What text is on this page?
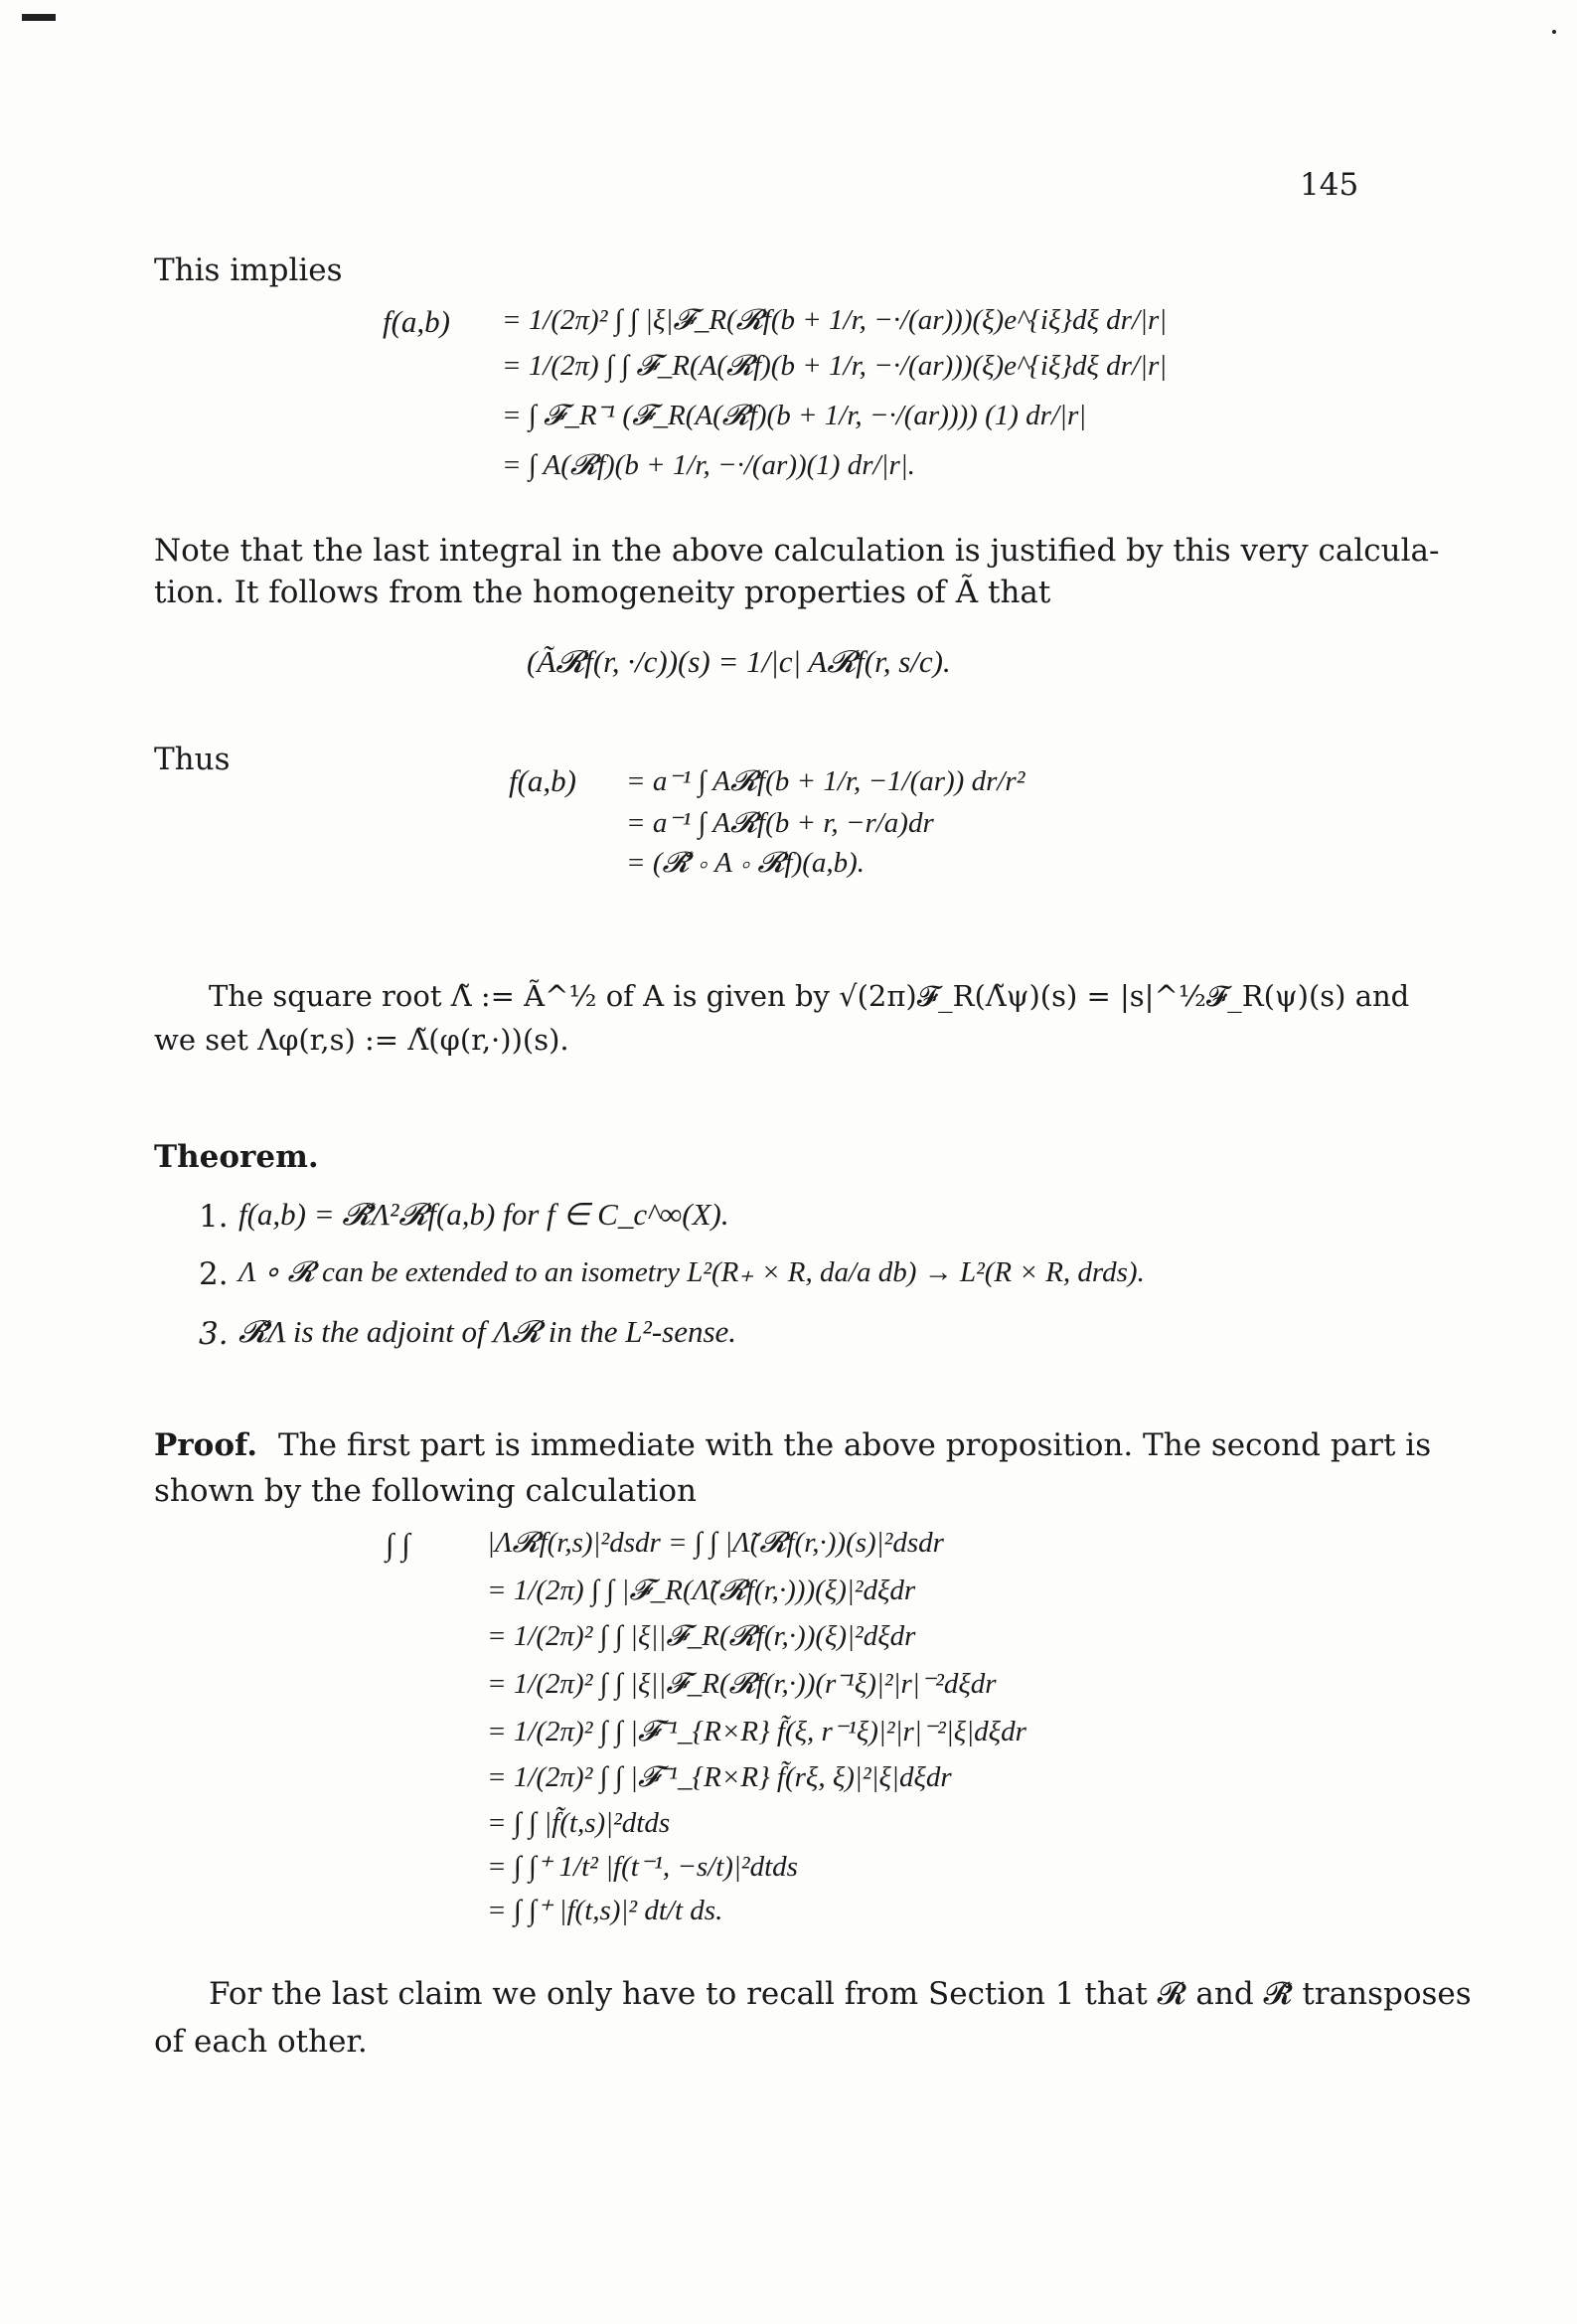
145
This implies
f(a,b) = 1/(2π)² ∫ ∫ |ξ|𝓕_R(𝓡f(b + 1/r, −·/(ar)))(ξ)e^{iξ}dξ dr/|r|
= 1/(2π) ∫ ∫ 𝓕_R(A(𝓡f)(b + 1/r, −·/(ar)))(ξ)e^{iξ}dξ dr/|r|
= ∫ 𝓕_R⁻¹ (𝓕_R(A(𝓡f)(b + 1/r, −·/(ar)))) (1) dr/|r|
= ∫ A(𝓡f)(b + 1/r, −·/(ar))(1) dr/|r|.
Note that the last integral in the above calculation is justified by this very calcula-
tion. It follows from the homogeneity properties of Ã that
(Ã𝓡f(r, ·/c))(s) = 1/|c| A𝓡f(r, s/c).
Thus
f(a,b) = a⁻¹ ∫ A𝓡f(b + 1/r, −1/(ar)) dr/r²
= a⁻¹ ∫ A𝓡f(b + r, −r/a)dr
= (𝓡̌ ∘ A ∘ 𝓡f)(a,b).
The square root Λ̃ := Ã^½ of A is given by √(2π)𝓕_R(Λ̃ψ)(s) = |s|^½𝓕_R(ψ)(s) and
we set Λφ(r,s) := Λ̃(φ(r,·))(s).
Theorem.
1. f(a,b) = 𝓡̌Λ²𝓡f(a,b) for f ∈ C_c^∞(X).
2. Λ ∘ 𝓡 can be extended to an isometry L²(R₊ × R, da/a db) → L²(R × R, drds).
3. 𝓡̌Λ is the adjoint of Λ𝓡 in the L²-sense.
Proof. The first part is immediate with the above proposition. The second part is
shown by the following calculation
∫ ∫	|Λ𝓡f(r,s)|²dsdr = ∫ ∫ |Λ̃(𝓡f(r,·))(s)|²dsdr
= 1/(2π) ∫ ∫ |𝓕_R(Λ̃(𝓡f(r,·)))(ξ)|²dξdr
= 1/(2π)² ∫ ∫ |ξ||𝓕_R(𝓡f(r,·))(ξ)|²dξdr
= 1/(2π)² ∫ ∫ |ξ||𝓕_R(𝓡f(r,·))(r⁻¹ξ)|²|r|⁻²dξdr
= 1/(2π)² ∫ ∫ |𝓕⁻¹_{R×R} f̃(ξ, r⁻¹ξ)|²|r|⁻²|ξ|dξdr
= 1/(2π)² ∫ ∫ |𝓕⁻¹_{R×R} f̃(rξ, ξ)|²|ξ|dξdr
= ∫ ∫ |f̃(t,s)|²dtds
= ∫ ∫⁺ 1/t² |f(t⁻¹, −s/t)|²dtds
= ∫ ∫⁺ |f(t,s)|² dt/t ds.
For the last claim we only have to recall from Section 1 that 𝓡 and 𝓡̌ transposes
of each other.
